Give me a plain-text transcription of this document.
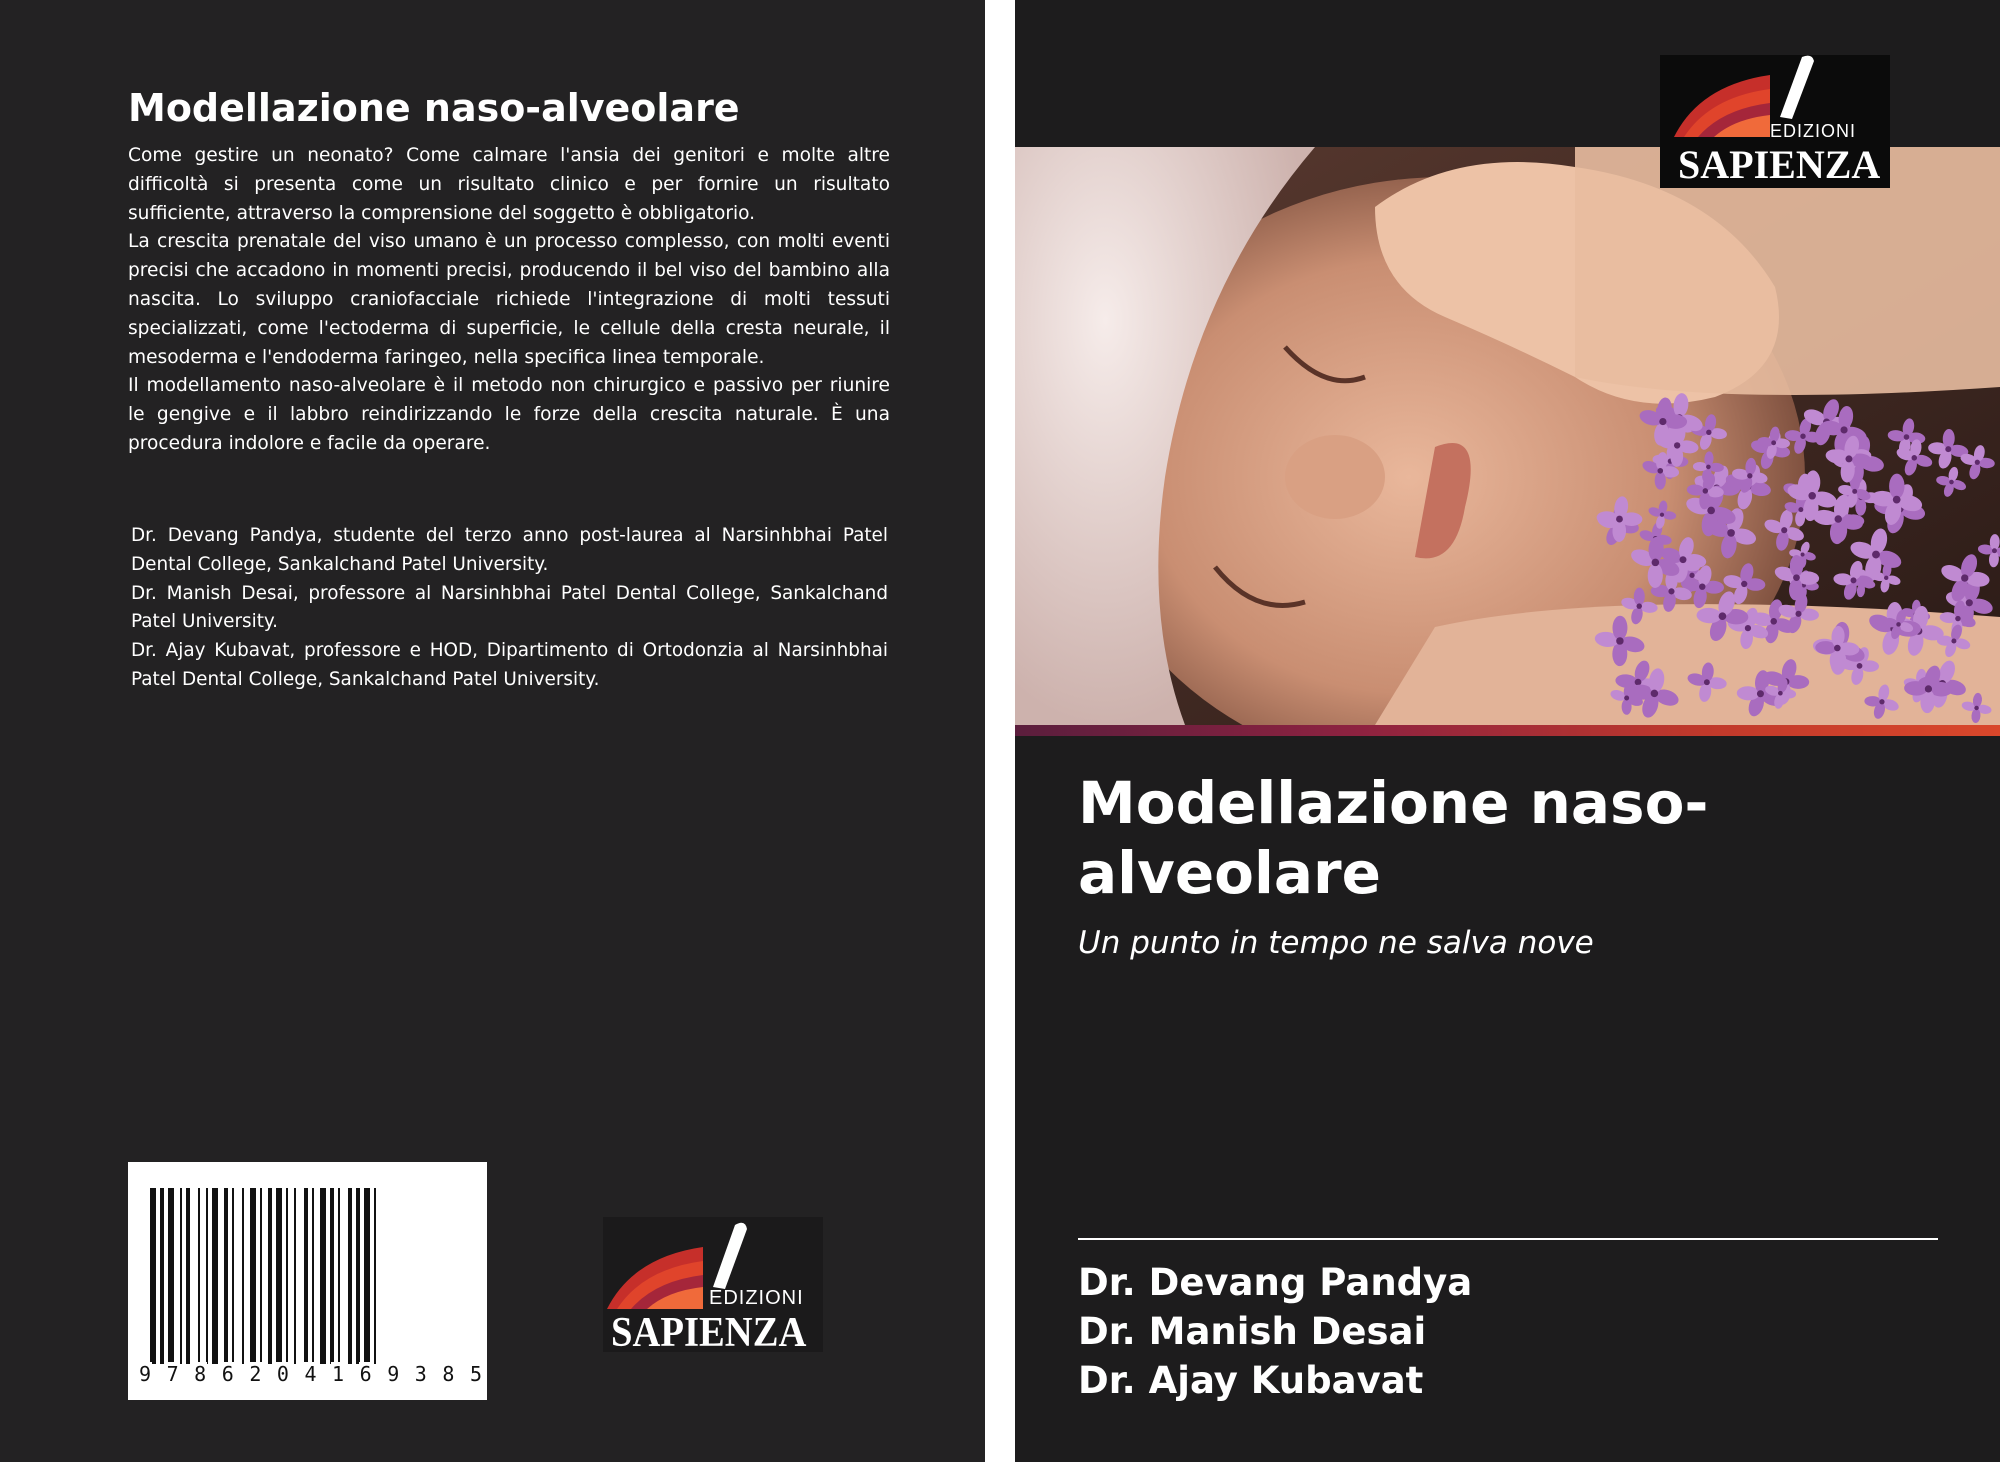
Modellazione naso-alveolare

Come gestire un neonato? Come calmare l'ansia dei genitori e molte altre difficoltà si presenta come un risultato clinico e per fornire un risultato sufficiente, attraverso la comprensione del soggetto è obbligatorio.

La crescita prenatale del viso umano è un processo complesso, con molti eventi precisi che accadono in momenti precisi, producendo il bel viso del bambino alla nascita. Lo sviluppo craniofacciale richiede l'integrazione di molti tessuti specializzati, come l'ectoderma di superficie, le cellule della cresta neurale, il mesoderma e l'endoderma faringeo, nella specifica linea temporale.

Il modellamento naso-alveolare è il metodo non chirurgico e passivo per riunire le gengive e il labbro reindirizzando le forze della crescita naturale. È una procedura indolore e facile da operare.

Dr. Devang Pandya, studente del terzo anno post-laurea al Narsinhbhai Patel Dental College, Sankalchand Patel University.

Dr. Manish Desai, professore al Narsinhbhai Patel Dental College, Sankalchand Patel University.

Dr. Ajay Kubavat, professore e HOD, Dipartimento di Ortodonzia al Narsinhbhai Patel Dental College, Sankalchand Patel University.

9 7 8 6 2 0 4 1 6 9 3 8 5
EDIZIONI
SAPIENZA
EDIZIONI
SAPIENZA
Modellazione naso-alveolare
Un punto in tempo ne salva nove
Dr. Devang Pandya
Dr. Manish Desai
Dr. Ajay Kubavat
